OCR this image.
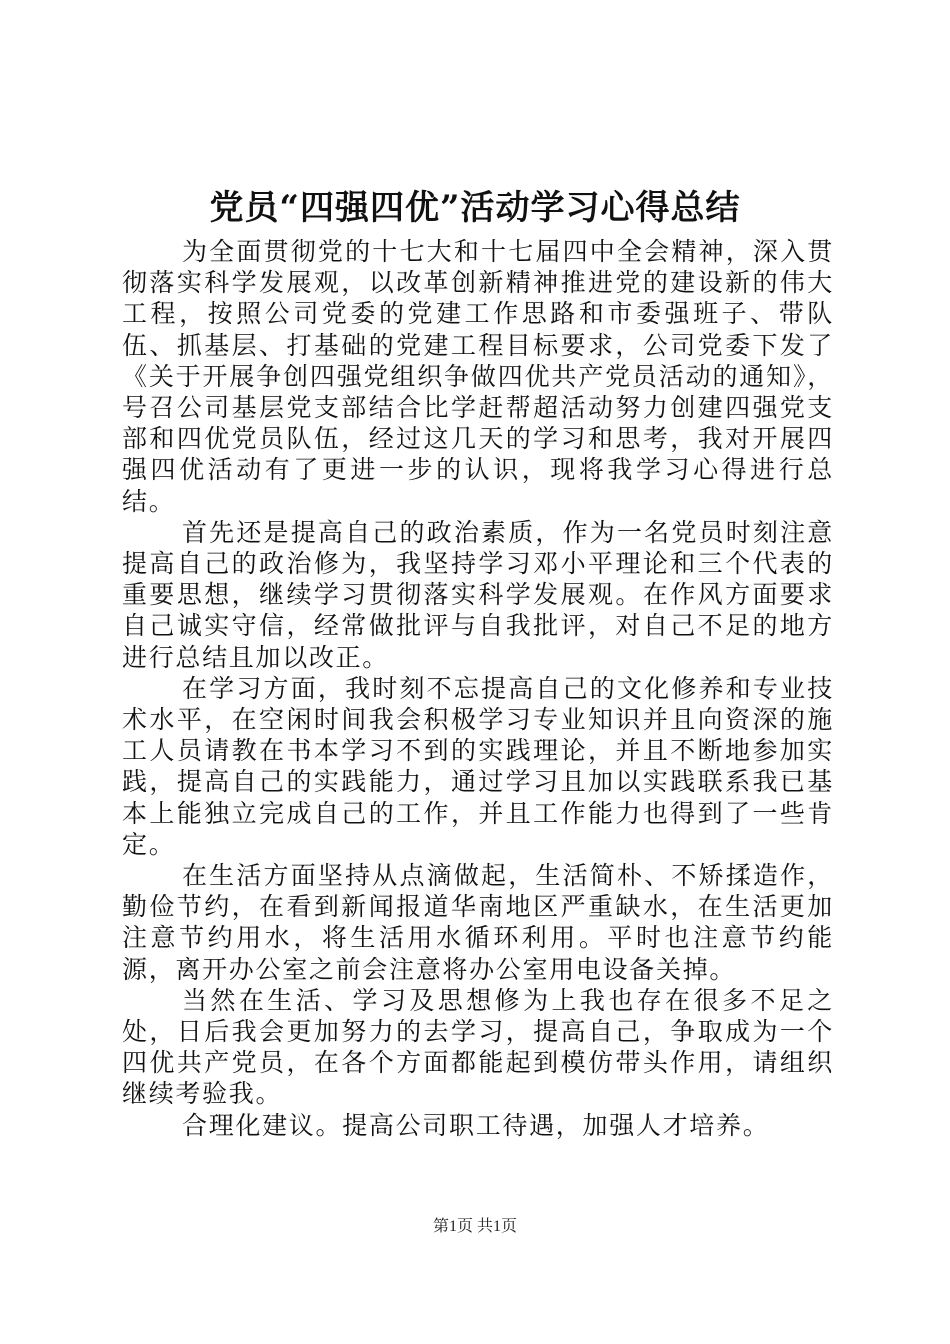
党员“四强四优”活动学习心得总结

为全面贯彻党的十七大和十七届四中全会精神，深入贯彻落实科学发展观，以改革创新精神推进党的建设新的伟大工程，按照公司党委的党建工作思路和市委强班子、带队伍、抓基层、打基础的党建工程目标要求，公司党委下发了《关于开展争创四强党组织争做四优共产党员活动的通知》，号召公司基层党支部结合比学赶帮超活动努力创建四强党支部和四优党员队伍，经过这几天的学习和思考，我对开展四强四优活动有了更进一步的认识，现将我学习心得进行总结。

首先还是提高自己的政治素质，作为一名党员时刻注意提高自己的政治修为，我坚持学习邓小平理论和三个代表的重要思想，继续学习贯彻落实科学发展观。在作风方面要求自己诚实守信，经常做批评与自我批评，对自己不足的地方进行总结且加以改正。

在学习方面，我时刻不忘提高自己的文化修养和专业技术水平，在空闲时间我会积极学习专业知识并且向资深的施工人员请教在书本学习不到的实践理论，并且不断地参加实践，提高自己的实践能力，通过学习且加以实践联系我已基本上能独立完成自己的工作，并且工作能力也得到了一些肯定。

在生活方面坚持从点滴做起，生活简朴、不矫揉造作，勤俭节约，在看到新闻报道华南地区严重缺水，在生活更加注意节约用水，将生活用水循环利用。平时也注意节约能源，离开办公室之前会注意将办公室用电设备关掉。

当然在生活、学习及思想修为上我也存在很多不足之处，日后我会更加努力的去学习，提高自己，争取成为一个四优共产党员，在各个方面都能起到模仿带头作用，请组织继续考验我。

合理化建议。提高公司职工待遇，加强人才培养。

第1页 共1页
